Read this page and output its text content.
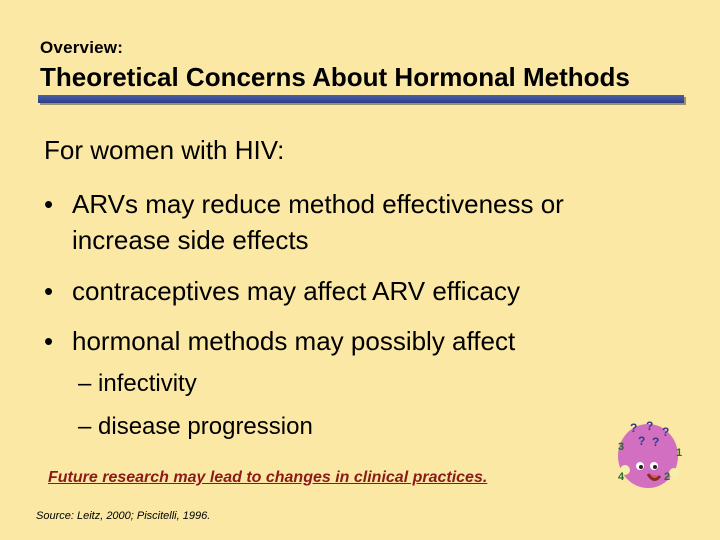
Overview:
Theoretical Concerns About Hormonal Methods
For women with HIV:
• ARVs may reduce method effectiveness or increase side effects
• contraceptives may affect ARV efficacy
• hormonal methods may possibly affect
– infectivity
– disease progression
Future research may lead to changes in clinical practices.
Source: Leitz, 2000; Piscitelli, 1996.
? ? ?
? ?
3	1
4	2
